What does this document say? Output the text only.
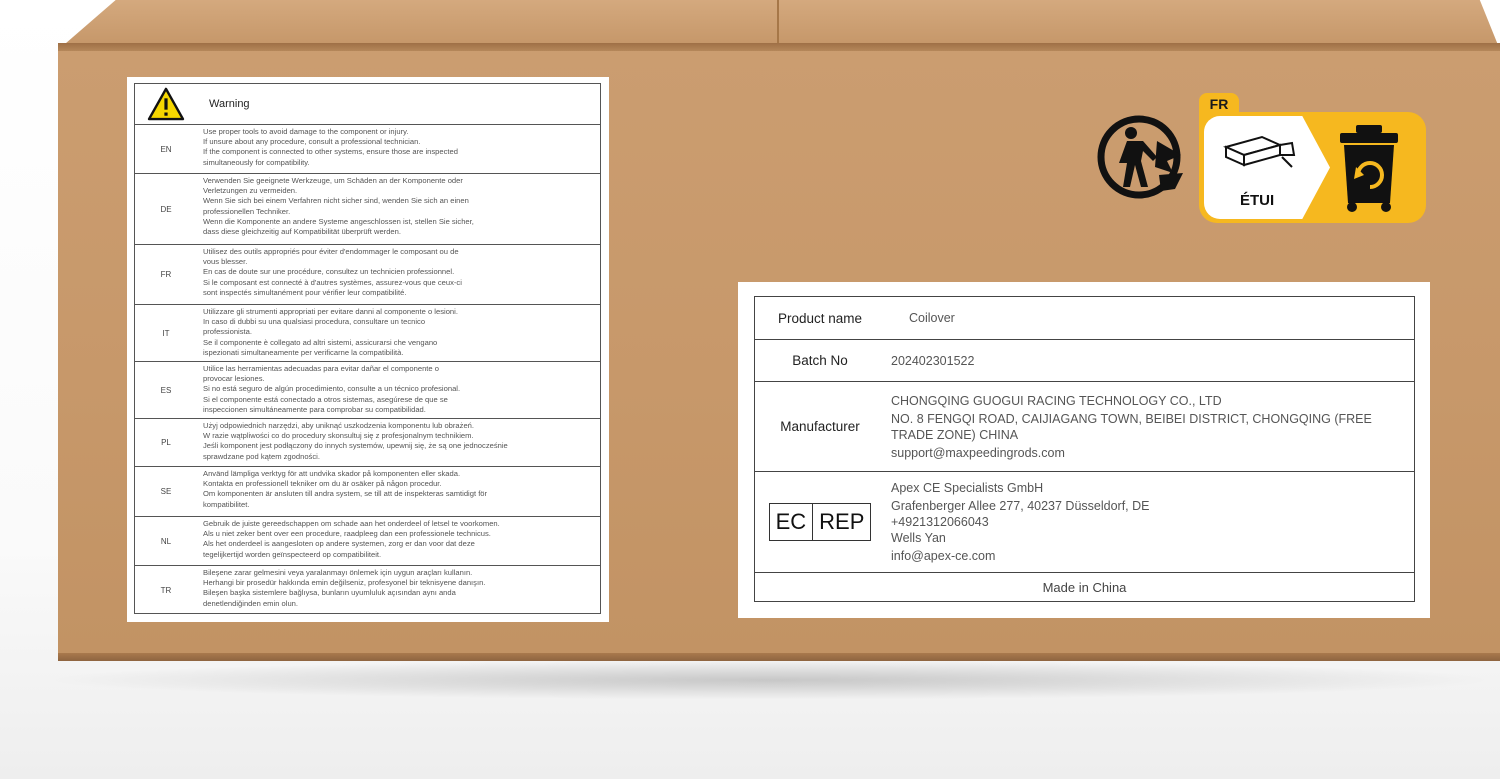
Warning
EN
Use proper tools to avoid damage to the component or injury.
If unsure about any procedure, consult a professional technician.
If the component is connected to other systems, ensure those are inspected
simultaneously for compatibility.
DE
Verwenden Sie geeignete Werkzeuge, um Schäden an der Komponente oder
Verletzungen zu vermeiden.
Wenn Sie sich bei einem Verfahren nicht sicher sind, wenden Sie sich an einen
professionellen Techniker.
Wenn die Komponente an andere Systeme angeschlossen ist, stellen Sie sicher,
dass diese gleichzeitig auf Kompatibilität überprüft werden.
FR
Utilisez des outils appropriés pour éviter d'endommager le composant ou de
vous blesser.
En cas de doute sur une procédure, consultez un technicien professionnel.
Si le composant est connecté à d'autres systèmes, assurez-vous que ceux-ci
sont inspectés simultanément pour vérifier leur compatibilité.
IT
Utilizzare gli strumenti appropriati per evitare danni al componente o lesioni.
In caso di dubbi su una qualsiasi procedura, consultare un tecnico
professionista.
Se il componente è collegato ad altri sistemi, assicurarsi che vengano
ispezionati simultaneamente per verificarne la compatibilità.
ES
Utilice las herramientas adecuadas para evitar dañar el componente o
provocar lesiones.
Si no está seguro de algún procedimiento, consulte a un técnico profesional.
Si el componente está conectado a otros sistemas, asegúrese de que se
inspeccionen simultáneamente para comprobar su compatibilidad.
PL
Użyj odpowiednich narzędzi, aby uniknąć uszkodzenia komponentu lub obrażeń.
W razie wątpliwości co do procedury skonsultuj się z profesjonalnym technikiem.
Jeśli komponent jest podłączony do innych systemów, upewnij się, że są one jednocześnie
sprawdzane pod kątem zgodności.
SE
Använd lämpliga verktyg för att undvika skador på komponenten eller skada.
Kontakta en professionell tekniker om du är osäker på någon procedur.
Om komponenten är ansluten till andra system, se till att de inspekteras samtidigt för
kompatibilitet.
NL
Gebruik de juiste gereedschappen om schade aan het onderdeel of letsel te voorkomen.
Als u niet zeker bent over een procedure, raadpleeg dan een professionele technicus.
Als het onderdeel is aangesloten op andere systemen, zorg er dan voor dat deze
tegelijkertijd worden geïnspecteerd op compatibiliteit.
TR
Bileşene zarar gelmesini veya yaralanmayı önlemek için uygun araçları kullanın.
Herhangi bir prosedür hakkında emin değilseniz, profesyonel bir teknisyene danışın.
Bileşen başka sistemlere bağlıysa, bunların uyumluluk açısından aynı anda
denetlendiğinden emin olun.
FR
ÉTUI
Product name	Coilover
Batch No	202402301522
Manufacturer
CHONGQING GUOGUI RACING TECHNOLOGY CO., LTD
NO. 8 FENGQI ROAD, CAIJIAGANG TOWN, BEIBEI DISTRICT, CHONGQING (FREE TRADE ZONE) CHINA
support@maxpeedingrods.com
EC REP
Apex CE Specialists GmbH
Grafenberger Allee 277, 40237 Düsseldorf, DE
+4921312066043
Wells Yan
info@apex-ce.com
Made in China
